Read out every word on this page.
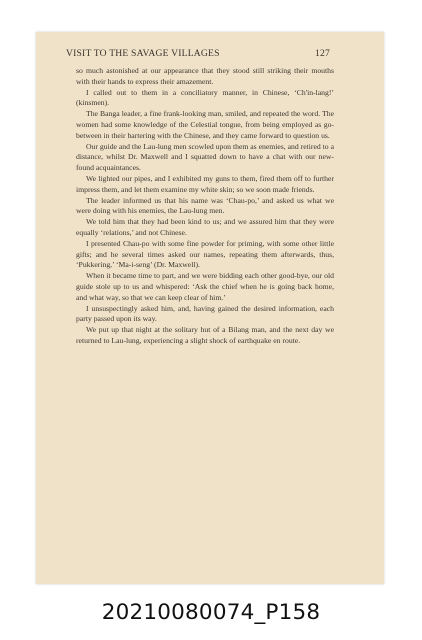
VISIT TO THE SAVAGE VILLAGES	127

so much astonished at our appearance that they stood still striking their mouths with their hands to express their amazement.

I called out to them in a conciliatory manner, in Chinese, ‘Ch'in-lang!’ (kinsmen).

The Banga leader, a fine frank-looking man, smiled, and repeated the word. The women had some knowledge of the Celestial tongue, from being employed as go-between in their bartering with the Chinese, and they came forward to question us.

Our guide and the Lau-lung men scowled upon them as enemies, and retired to a distance, whilst Dr. Maxwell and I squatted down to have a chat with our new-found acquaintances.

We lighted our pipes, and I exhibited my guns to them, fired them off to further impress them, and let them examine my white skin; so we soon made friends.

The leader informed us that his name was ‘Chau-po,’ and asked us what we were doing with his enemies, the Lau-lung men.

We told him that they had been kind to us; and we assured him that they were equally ‘relations,’ and not Chinese.

I presented Chau-po with some fine powder for priming, with some other little gifts; and he several times asked our names, repeating them afterwards, thus, ‘Pukkering,’ ‘Ma-i-seng’ (Dr. Maxwell).

When it became time to part, and we were bidding each other good-bye, our old guide stole up to us and whispered: ‘Ask the chief when he is going back home, and what way, so that we can keep clear of him.’

I unsuspectingly asked him, and, having gained the desired information, each party passed upon its way.

We put up that night at the solitary hut of a Bilang man, and the next day we returned to Lau-lung, experiencing a slight shock of earthquake en route.

20210080074_P158
